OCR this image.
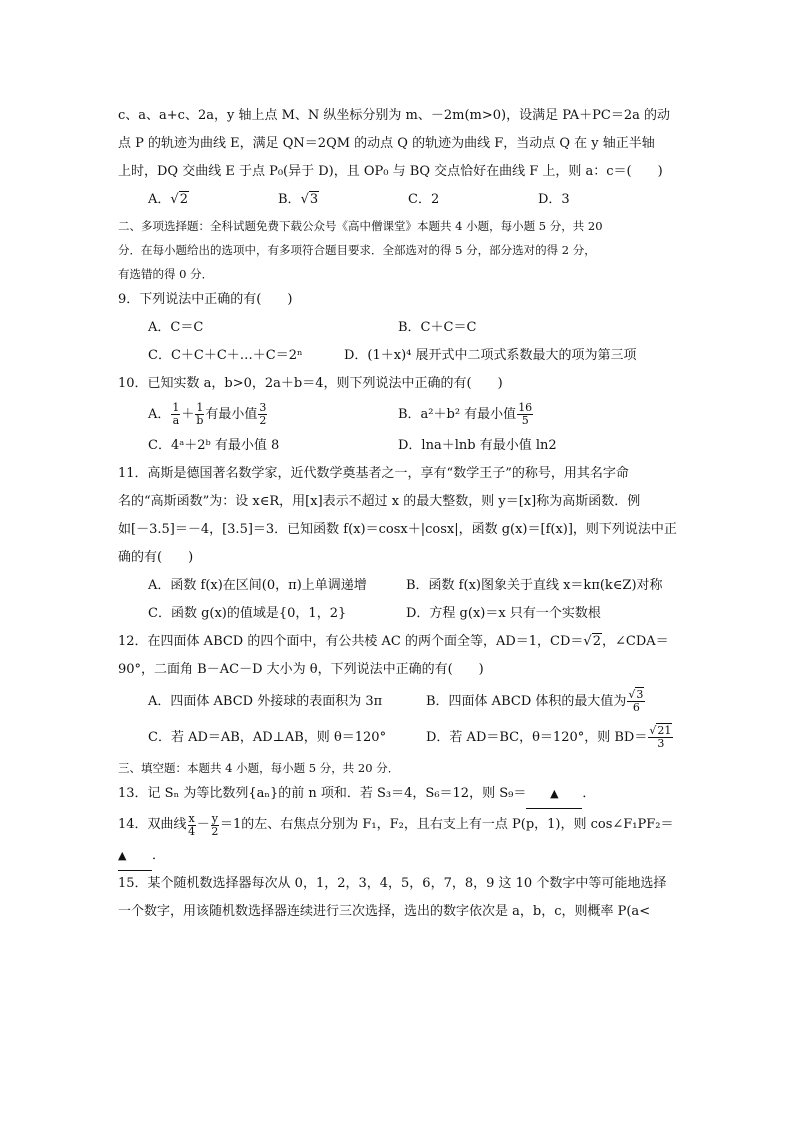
c、a、a+c、2a，y 轴上点 M、N 纵坐标分别为 m、－2m(m>0)，设满足 PA＋PC＝2a 的动
点 P 的轨迹为曲线 E，满足 QN＝2QM 的动点 Q 的轨迹为曲线 F，当动点 Q 在 y 轴正半轴
上时，DQ 交曲线 E 于点 P₀(异于 D)，且 OP₀ 与 BQ 交点恰好在曲线 F 上，则 a：c＝(　　)
A．√2	B．√3	C．2	D．3
二、多项选择题：全科试题免费下载公众号《高中僧课堂》本题共 4 小题，每小题 5 分，共 20
分．在每小题给出的选项中，有多项符合题目要求．全部选对的得 5 分，部分选对的得 2 分，
有选错的得 0 分．
9．下列说法中正确的有(　　)
A．C＝C	B．C＋C＝C
C．C＋C＋C＋…＋C＝2ⁿ	D．(1＋x)⁴ 展开式中二项式系数最大的项为第三项
10．已知实数 a，b>0，2a＋b＝4，则下列说法中正确的有(　　)
A． $\frac{1}{a} + \frac{1}{b}$ 有最小值 $\frac{3}{2}$	B．a²＋b² 有最小值 $\frac{16}{5}$
C．4ᵃ＋2ᵇ 有最小值 8	D．lna＋lnb 有最小值 ln2
11．高斯是德国著名数学家，近代数学奠基者之一，享有“数学王子”的称号，用其名字命
名的“高斯函数”为：设 x∈R，用[x]表示不超过 x 的最大整数，则 y＝[x]称为高斯函数．例
如[－3.5]＝－4，[3.5]＝3．已知函数 f(x)＝cosx＋|cosx|，函数 g(x)＝[f(x)]，则下列说法中正
确的有(　　)
A．函数 f(x)在区间(0，π)上单调递增	B．函数 f(x)图象关于直线 x＝kπ(k∈Z)对称
C．函数 g(x)的值域是{0，1，2}	D．方程 g(x)＝x 只有一个实数根
12．在四面体 ABCD 的四个面中，有公共棱 AC 的两个面全等，AD＝1，CD＝ √2 ，∠CDA＝
90°，二面角 B－AC－D 大小为 θ，下列说法中正确的有(　　)
A．四面体 ABCD 外接球的表面积为 3π	B．四面体 ABCD 体积的最大值为 $\frac{√3}{6}$
C．若 AD＝AB，AD⊥AB，则 θ＝120°	D．若 AD＝BC，θ＝120°，则 $BD= \frac{√21}{3}$
三、填空题：本题共 4 小题，每小题 5 分，共 20 分．
13．记 Sₙ 为等比数列{aₙ}的前 n 项和．若 S₃＝4，S₆＝12，则 S₉＝	▲	．
14．双曲线 $\frac{x}{4} - \frac{y}{2} =1$的左、右焦点分别为 F₁，F₂，且右支上有一点 P(p，1)，则 cos∠F₁PF₂＝
▲	．
15．某个随机数选择器每次从 0，1，2，3，4，5，6，7，8，9 这 10 个数字中等可能地选择
一个数字，用该随机数选择器连续进行三次选择，选出的数字依次是 a，b，c，则概率 P(a<
